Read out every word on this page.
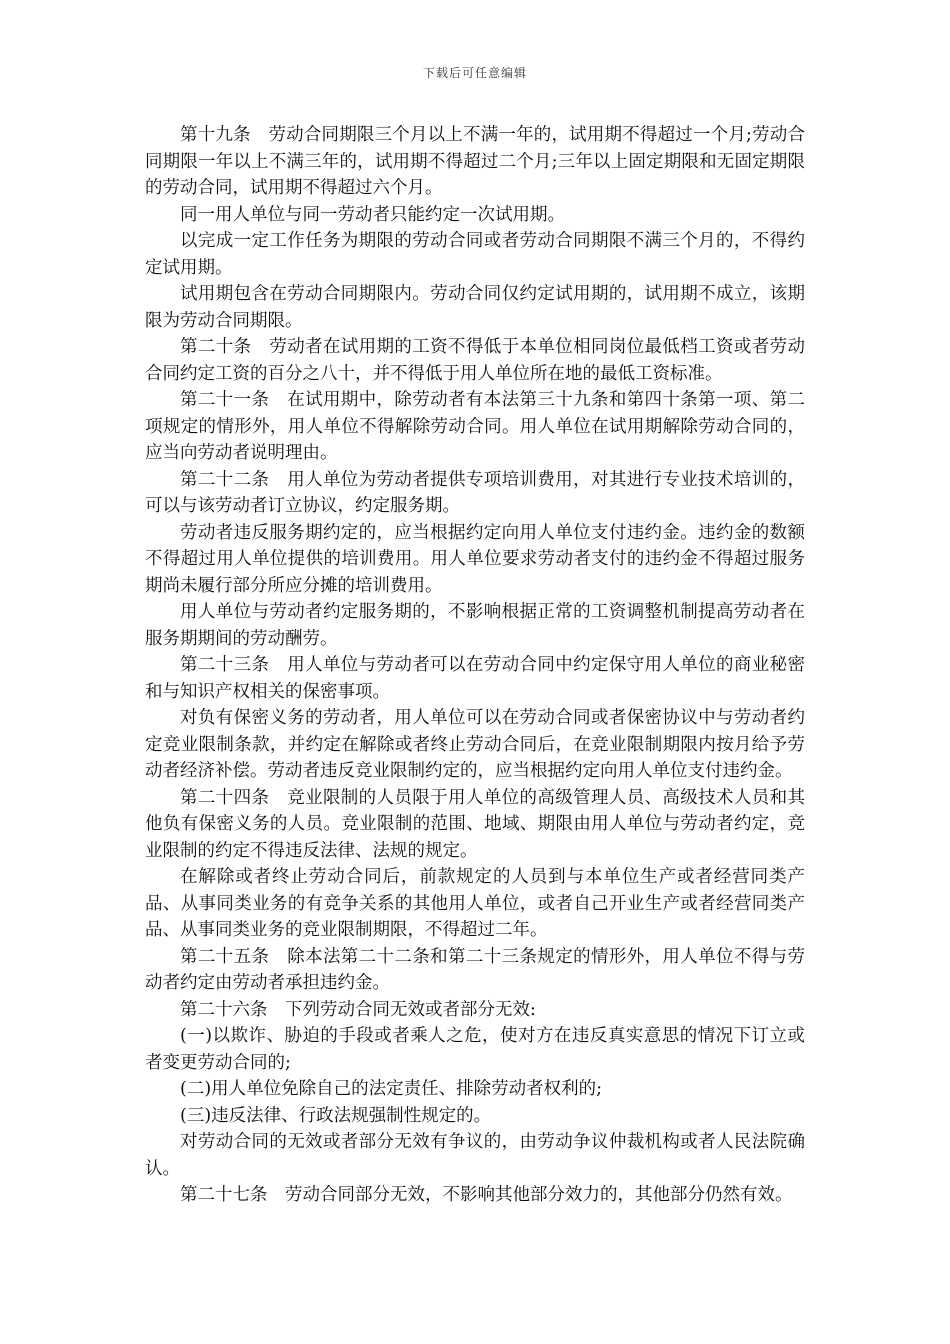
下载后可任意编辑

第十九条　劳动合同期限三个月以上不满一年的，试用期不得超过一个月;劳动合同期限一年以上不满三年的，试用期不得超过二个月;三年以上固定期限和无固定期限的劳动合同，试用期不得超过六个月。

同一用人单位与同一劳动者只能约定一次试用期。

以完成一定工作任务为期限的劳动合同或者劳动合同期限不满三个月的，不得约定试用期。

试用期包含在劳动合同期限内。劳动合同仅约定试用期的，试用期不成立，该期限为劳动合同期限。

第二十条　劳动者在试用期的工资不得低于本单位相同岗位最低档工资或者劳动合同约定工资的百分之八十，并不得低于用人单位所在地的最低工资标准。

第二十一条　在试用期中，除劳动者有本法第三十九条和第四十条第一项、第二项规定的情形外，用人单位不得解除劳动合同。用人单位在试用期解除劳动合同的，应当向劳动者说明理由。

第二十二条　用人单位为劳动者提供专项培训费用，对其进行专业技术培训的，可以与该劳动者订立协议，约定服务期。

劳动者违反服务期约定的，应当根据约定向用人单位支付违约金。违约金的数额不得超过用人单位提供的培训费用。用人单位要求劳动者支付的违约金不得超过服务期尚未履行部分所应分摊的培训费用。

用人单位与劳动者约定服务期的，不影响根据正常的工资调整机制提高劳动者在服务期期间的劳动酬劳。

第二十三条　用人单位与劳动者可以在劳动合同中约定保守用人单位的商业秘密和与知识产权相关的保密事项。

对负有保密义务的劳动者，用人单位可以在劳动合同或者保密协议中与劳动者约定竞业限制条款，并约定在解除或者终止劳动合同后，在竞业限制期限内按月给予劳动者经济补偿。劳动者违反竞业限制约定的，应当根据约定向用人单位支付违约金。

第二十四条　竞业限制的人员限于用人单位的高级管理人员、高级技术人员和其他负有保密义务的人员。竞业限制的范围、地域、期限由用人单位与劳动者约定，竞业限制的约定不得违反法律、法规的规定。

在解除或者终止劳动合同后，前款规定的人员到与本单位生产或者经营同类产品、从事同类业务的有竞争关系的其他用人单位，或者自己开业生产或者经营同类产品、从事同类业务的竞业限制期限，不得超过二年。

第二十五条　除本法第二十二条和第二十三条规定的情形外，用人单位不得与劳动者约定由劳动者承担违约金。

第二十六条　下列劳动合同无效或者部分无效:

(一)以欺诈、胁迫的手段或者乘人之危，使对方在违反真实意思的情况下订立或者变更劳动合同的;

(二)用人单位免除自己的法定责任、排除劳动者权利的;

(三)违反法律、行政法规强制性规定的。

对劳动合同的无效或者部分无效有争议的，由劳动争议仲裁机构或者人民法院确认。

第二十七条　劳动合同部分无效，不影响其他部分效力的，其他部分仍然有效。
